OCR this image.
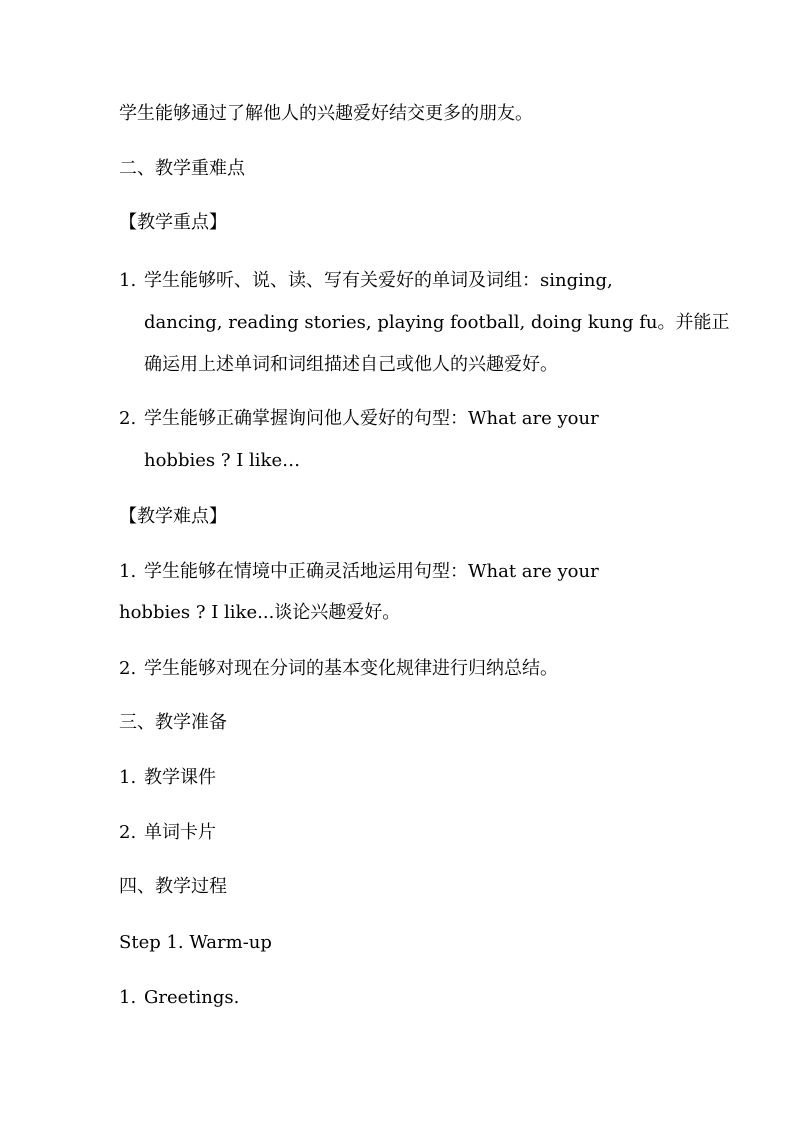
学生能够通过了解他人的兴趣爱好结交更多的朋友。
二、教学重难点
【教学重点】
1. 学生能够听、说、读、写有关爱好的单词及词组：singing,
dancing, reading stories, playing football, doing kung fu。并能正
确运用上述单词和词组描述自己或他人的兴趣爱好。
2. 学生能够正确掌握询问他人爱好的句型：What are your
hobbies ? I like…
【教学难点】
1. 学生能够在情境中正确灵活地运用句型：What are your
hobbies ? I like...谈论兴趣爱好。
2. 学生能够对现在分词的基本变化规律进行归纳总结。
三、教学准备
1. 教学课件
2. 单词卡片
四、教学过程
Step 1. Warm-up
1. Greetings.
